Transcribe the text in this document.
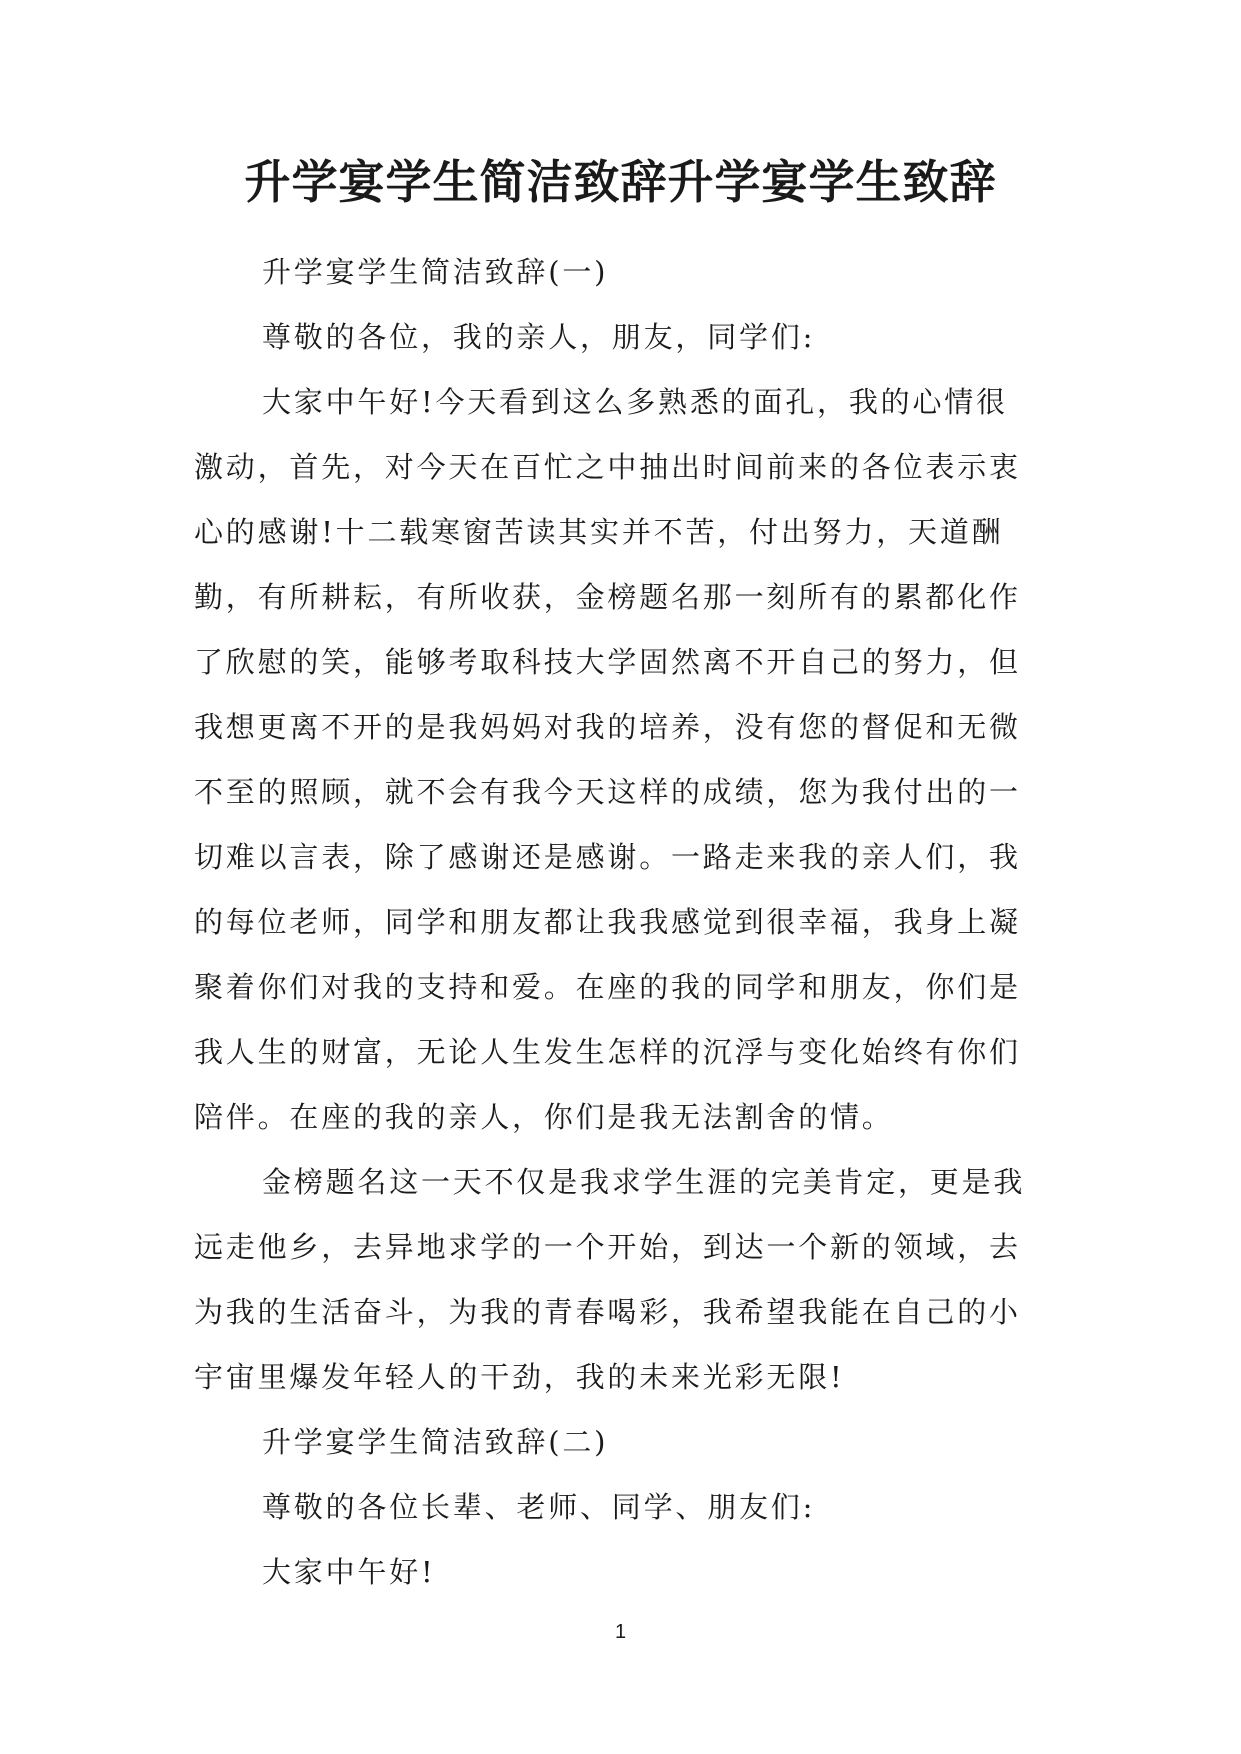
升学宴学生简洁致辞升学宴学生致辞
升学宴学生简洁致辞(一)
尊敬的各位，我的亲人，朋友，同学们:
大家中午好!今天看到这么多熟悉的面孔，我的心情很
激动，首先，对今天在百忙之中抽出时间前来的各位表示衷
心的感谢!十二载寒窗苦读其实并不苦，付出努力，天道酬
勤，有所耕耘，有所收获，金榜题名那一刻所有的累都化作
了欣慰的笑，能够考取科技大学固然离不开自己的努力，但
我想更离不开的是我妈妈对我的培养，没有您的督促和无微
不至的照顾，就不会有我今天这样的成绩，您为我付出的一
切难以言表，除了感谢还是感谢。一路走来我的亲人们，我
的每位老师，同学和朋友都让我我感觉到很幸福，我身上凝
聚着你们对我的支持和爱。在座的我的同学和朋友，你们是
我人生的财富，无论人生发生怎样的沉浮与变化始终有你们
陪伴。在座的我的亲人，你们是我无法割舍的情。
金榜题名这一天不仅是我求学生涯的完美肯定，更是我
远走他乡，去异地求学的一个开始，到达一个新的领域，去
为我的生活奋斗，为我的青春喝彩，我希望我能在自己的小
宇宙里爆发年轻人的干劲，我的未来光彩无限!
升学宴学生简洁致辞(二)
尊敬的各位长辈、老师、同学、朋友们:
大家中午好!
1
